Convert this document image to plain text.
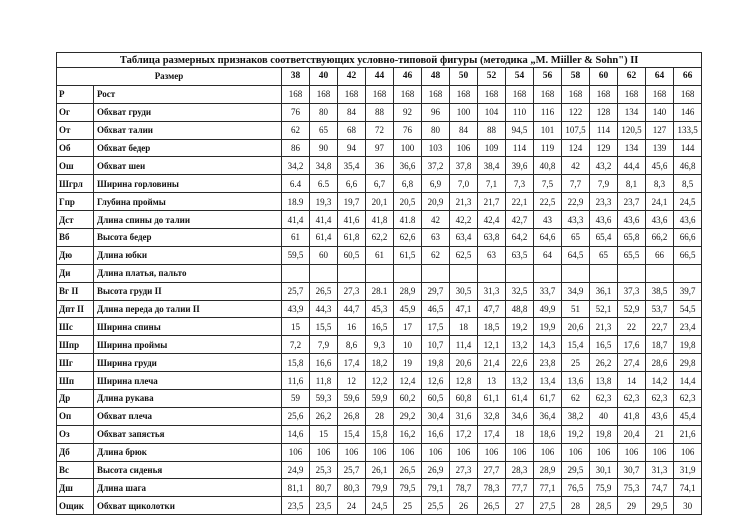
Таблица размерных признаков соответствующих условно-типовой фигуры (методика „M. Miiller & Sohn") II																
Размер		38	40	42	44	46	48	50	52	54	56	58	60	62	64	66
Р	Рост	168	168	168	168	168	168	168	168	168	168	168	168	168	168	168
Ог	Обхват груди	76	80	84	88	92	96	100	104	110	116	122	128	134	140	146
От	Обхват талии	62	65	68	72	76	80	84	88	94,5	101	107,5	114	120,5	127	133,5
Об	Обхват бедер	86	90	94	97	100	103	106	109	114	119	124	129	134	139	144
Ош	Обхват шеи	34,2	34,8	35,4	36	36,6	37,2	37,8	38,4	39,6	40,8	42	43,2	44,4	45,6	46,8
Шгрл	Ширина горловины	6.4	6.5	6,6	6,7	6,8	6,9	7,0	7,1	7,3	7,5	7,7	7,9	8,1	8,3	8,5
Гпр	Глубина проймы	18.9	19,3	19,7	20,1	20,5	20,9	21,3	21,7	22,1	22,5	22,9	23,3	23,7	24,1	24,5
Дст	Длина спины до талии	41,4	41,4	41,6	41,8	41.8	42	42,2	42,4	42,7	43	43,3	43,6	43,6	43,6	43,6
Вб	Высота бедер	61	61,4	61,8	62,2	62,6	63	63,4	63,8	64,2	64,6	65	65,4	65,8	66,2	66,6
Дю	Длина юбки	59,5	60	60,5	61	61,5	62	62,5	63	63,5	64	64,5	65	65,5	66	66,5
Ди	Длина платья, пальто															
Вг II	Высота груди II	25,7	26,5	27,3	28.1	28,9	29,7	30,5	31,3	32,5	33,7	34,9	36,1	37,3	38,5	39,7
Дпт II	Длина переда до талии II	43,9	44,3	44,7	45,3	45,9	46,5	47,1	47,7	48,8	49,9	51	52,1	52,9	53,7	54,5
Шс	Ширина спины	15	15,5	16	16,5	17	17,5	18	18,5	19,2	19,9	20,6	21,3	22	22,7	23,4
Шпр	Ширина проймы	7,2	7,9	8,6	9,3	10	10,7	11,4	12,1	13,2	14,3	15,4	16,5	17,6	18,7	19,8
Шг	Ширина груди	15,8	16,6	17,4	18,2	19	19,8	20,6	21,4	22,6	23,8	25	26,2	27,4	28,6	29,8
Шп	Ширина плеча	11,6	11,8	12	12,2	12,4	12,6	12,8	13	13,2	13,4	13,6	13,8	14	14,2	14,4
Др	Длина рукава	59	59,3	59,6	59,9	60,2	60,5	60,8	61,1	61,4	61,7	62	62,3	62,3	62,3	62,3
Оп	Обхват плеча	25,6	26,2	26,8	28	29,2	30,4	31,6	32,8	34,6	36,4	38,2	40	41,8	43,6	45,4
Оз	Обхват запястья	14,6	15	15,4	15,8	16,2	16,6	17,2	17,4	18	18,6	19,2	19,8	20,4	21	21,6
Дб	Длина брюк	106	106	106	106	106	106	106	106	106	106	106	106	106	106	106
Вс	Высота сиденья	24,9	25,3	25,7	26,1	26,5	26,9	27,3	27,7	28,3	28,9	29,5	30,1	30,7	31,3	31,9
Дш	Длина шага	81,1	80,7	80,3	79,9	79,5	79,1	78,7	78,3	77,7	77,1	76,5	75,9	75,3	74,7	74,1
Ощик	Обхват щиколотки	23,5	23,5	24	24,5	25	25,5	26	26,5	27	27,5	28	28,5	29	29,5	30
